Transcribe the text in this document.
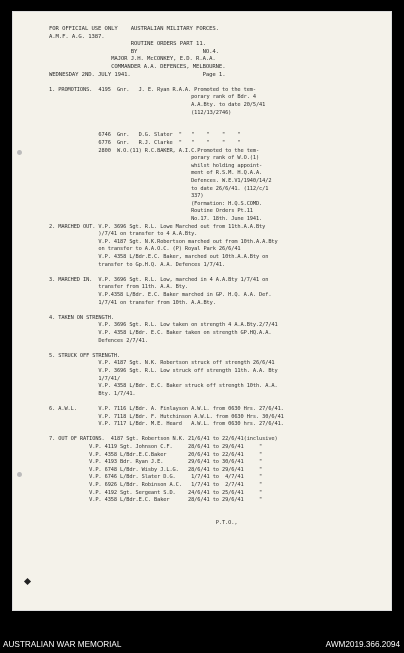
FOR OFFICIAL USE ONLY    AUSTRALIAN MILITARY FORCES.
A.M.F. A.G. 1387.
ROUTINE ORDERS PART 11.
BY                    NO.4.
MAJOR J.H. McCONKEY, E.D. R.A.A.
COMMANDER A.A. DEFENCES, MELBOURNE.
WEDNESDAY 2ND. JULY 1941.                      Page 1.
1. PROMOTIONS.  4195  Gnr.   J. E. Ryan R.A.A. Promoted to the tem-
porary rank of Bdr. 4
A.A.Bty. to date 20/5/41
(112/13/2746)
6746  Gnr.   D.G. Slater  "   "    "    "    "
6776  Gnr.   R.J. Clarke  "   "    "    "    "
2800  W.O.(11) R.C.BAKER, A.I.C.Promoted to the tem-
porary rank of W.O.(1)
whilst holding appoint-
ment of R.S.M. H.Q.A.A.
Defences. W.E.V1/1940/14/2
to date 26/6/41. (112/c/1
337)
(Formation: H.Q.S.COMD.
Routine Orders Pt.11
No.17. 18th. June 1941.
2. MARCHED OUT. V.P. 3696 Sgt. R.L. Lowe Marched out from 11th.A.A.Bty
)/7/41 on transfer to 4 A.A.Bty.
V.P. 4187 Sgt. N.K.Robertson marched out from 10th.A.A.Bty
on transfer to A.A.O.C. (P) Royal Park 26/6/41
V.P. 4358 L/Bdr.E.C. Baker, marched out 10th.A.A.Bty on
transfer to Gp.H.Q. A.A. Defences 1/7/41.
3. MARCHED IN.  V.P. 3696 Sgt. R.L. Low, marched in 4 A.A.Bty 1/7/41 on
transfer from 11th. A.A. Bty.
V.P.4358 L/Bdr. E.C. Baker marched in GP. H.Q. A.A. Def.
1/7/41 on transfer from 10th. A.A.Bty.
4. TAKEN ON STRENGTH.
V.P. 3696 Sgt. R.L. Low taken on strength 4 A.A.Bty.2/7/41
V.P. 4358 L/Bdr. E.C. Baker taken on strength GP.HQ.A.A.
Defences 2/7/41.
5. STRUCK OFF STRENGTH.
V.P. 4187 Sgt. N.K. Robertson struck off strength 26/6/41
V.P. 3696 Sgt. R.L. Low struck off strength 11th. A.A. Bty
1/7/41/
V.P. 4358 L/Bdr. E.C. Baker struck off strength 10th. A.A.
Bty. 1/7/41.
6. A.W.L.       V.P. 7116 L/Bdr. A. Finlayson A.W.L. from 0630 Hrs. 27/6/41.
V.P. 7118 L/Bdr. F. Hutchinson A.W.L. from 0630 Hrs. 30/6/41
V.P. 7117 L/Bdr. M.E. Heard   A.W.L. from 0630 hrs. 27/6/41.
7. OUT OF RATIONS.  4187 Sgt. Robertson N.K. 21/6/41 to 22/6/41(inclusive)
V.P. 4119 Sgt. Johnson C.F.     28/6/41 to 29/6/41     "
V.P. 4358 L/Bdr.E.C.Baker       20/6/41 to 22/6/41     "
V.P. 4193 Bdr. Ryan J.E.        29/6/41 to 30/6/41     "
V.P. 6748 L/Bdr. Wisby J.L.G.   28/6/41 to 29/6/41     "
V.P. 6746 L/Bdr. Slater D.G.     1/7/41 to  4/7/41     "
V.P. 6926 L/Bdr. Robinson A.C.   1/7/41 to  2/7/41     "
V.P. 4192 Sgt. Sergeant S.D.    24/6/41 to 25/6/41     "
V.P. 4358 L/Bdr.E.C. Baker      28/6/41 to 29/6/41     "
P.T.O.,
AUSTRALIAN WAR MEMORIAL	AWM2019.366.2094
